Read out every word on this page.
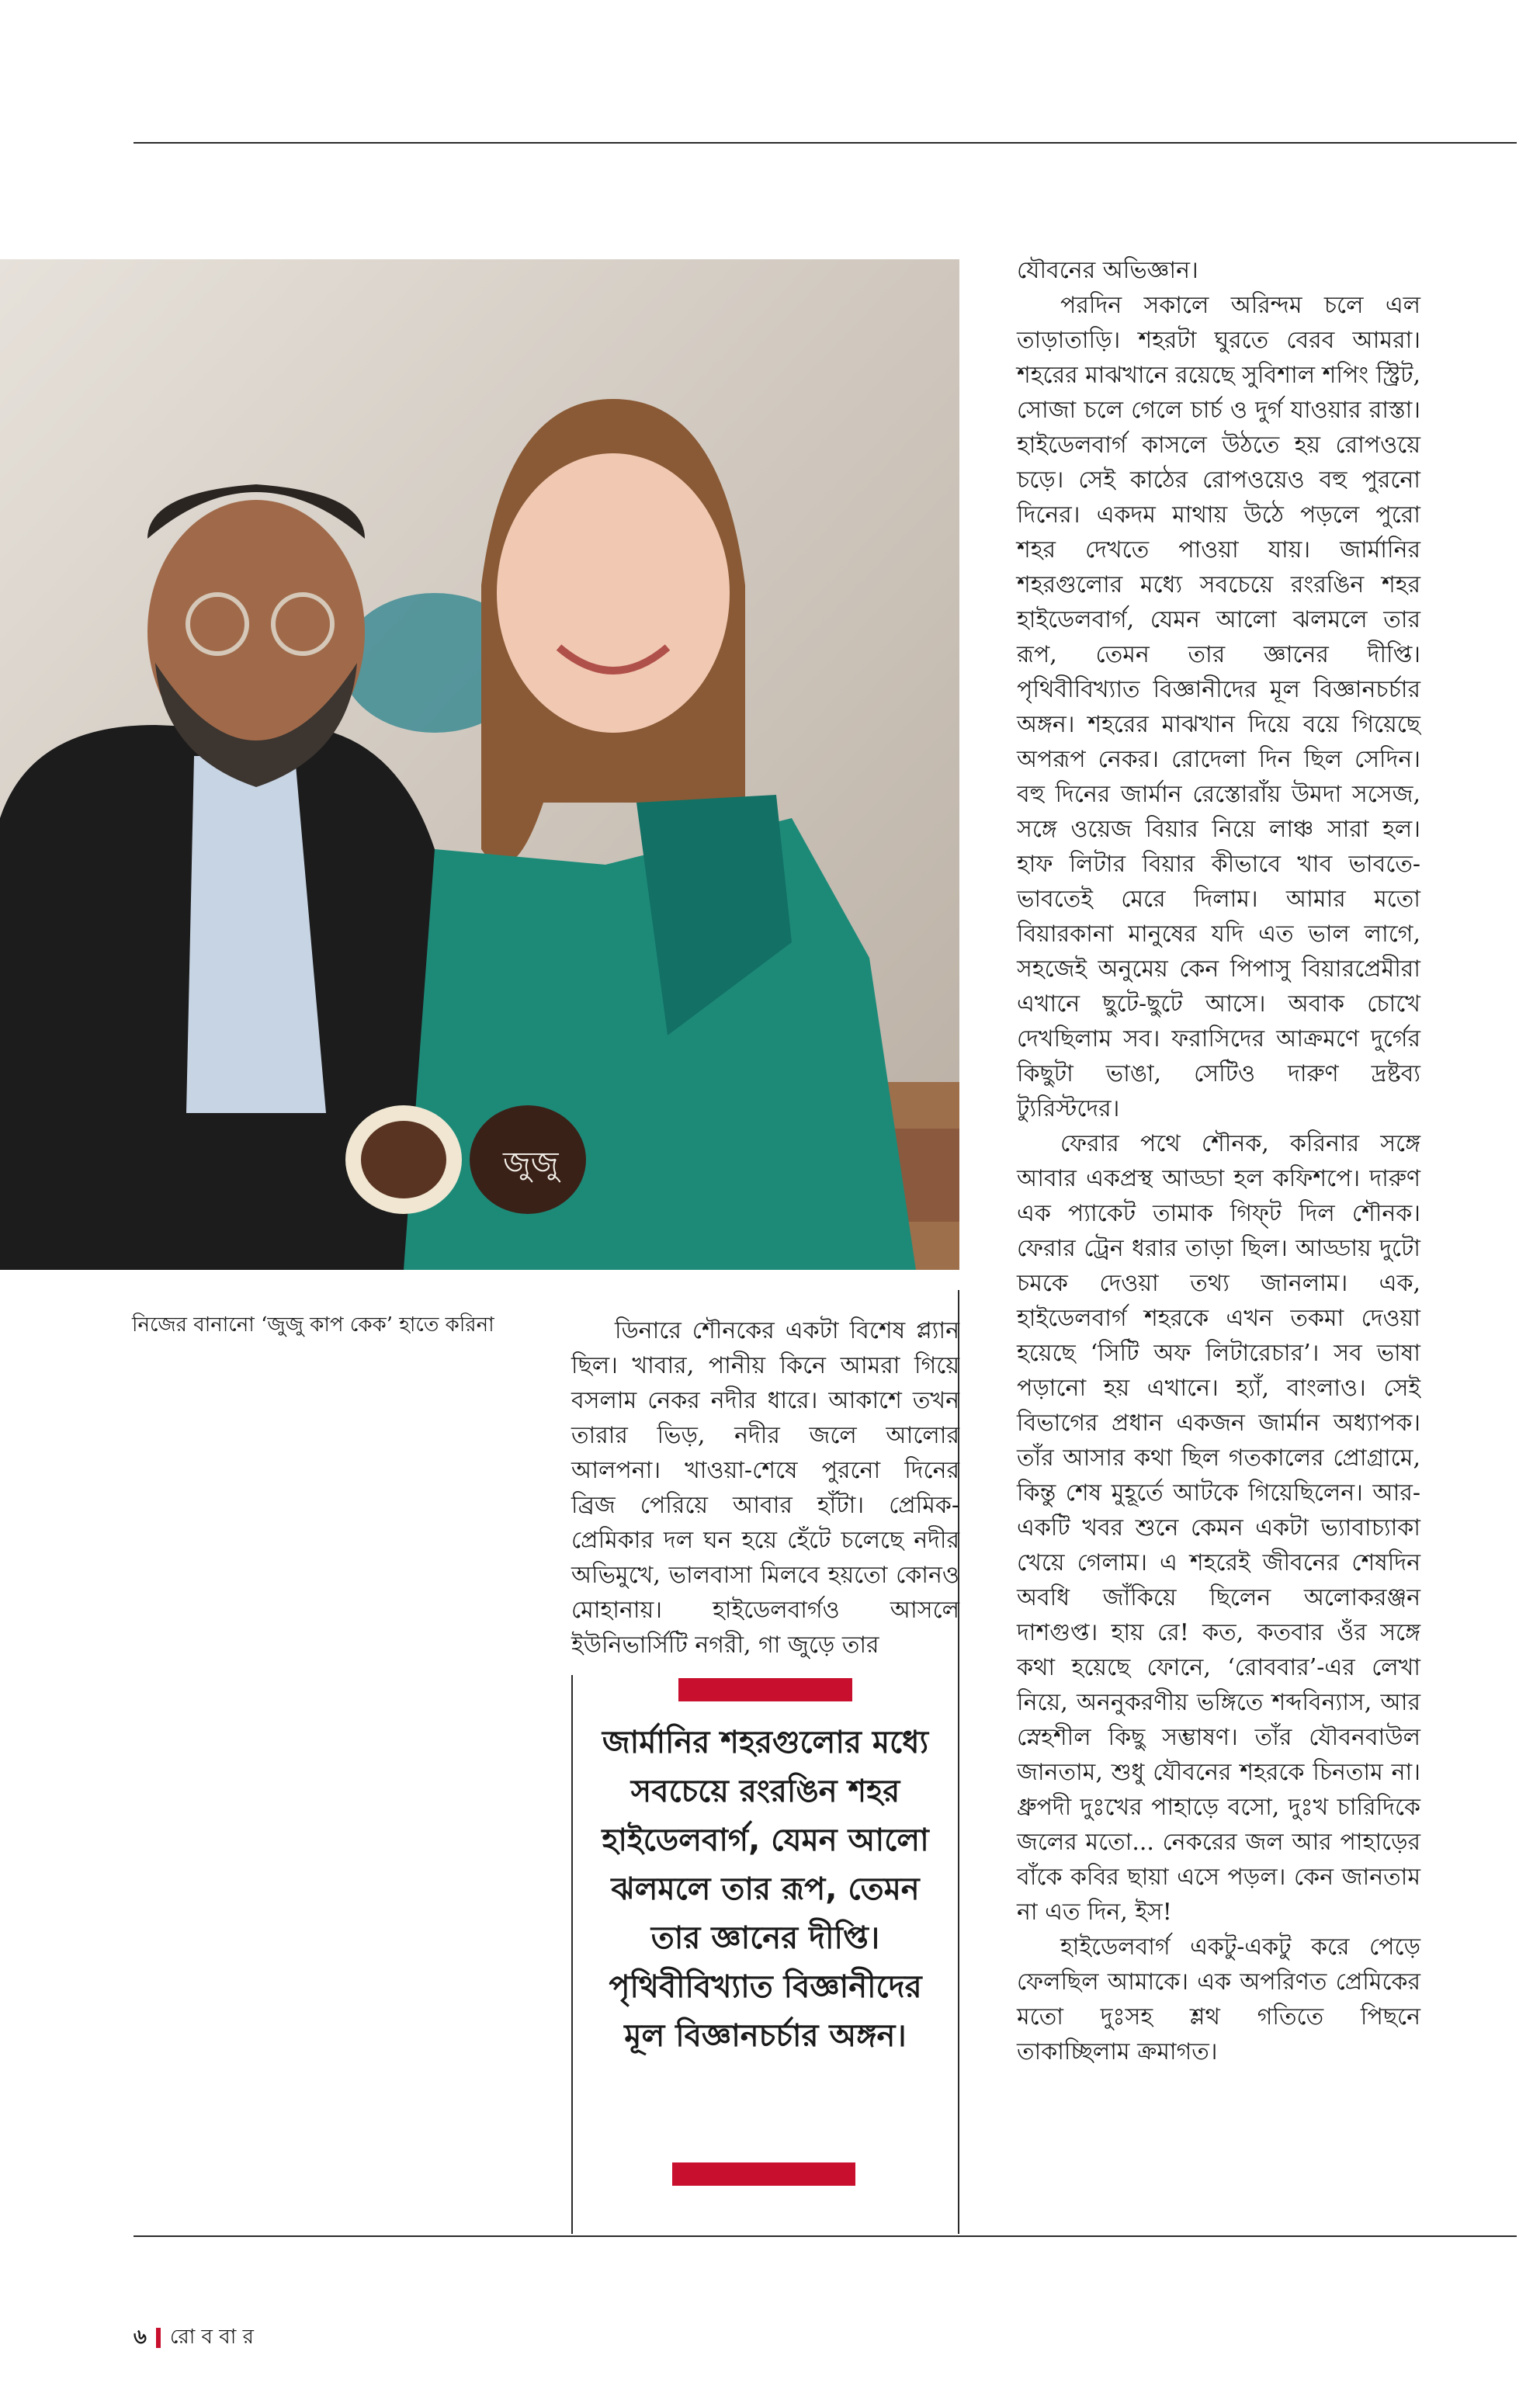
জুজু
নিজের বানানো ‘জুজু কাপ কেক’ হাতে করিনা	ডিনারে শৌনকের একটা বিশেষ প্ল্যান ছিল। খাবার, পানীয় কিনে আমরা গিয়ে বসলাম নেকর নদীর ধারে। আকাশে তখন তারার ভিড়, নদীর জলে আলোর আলপনা। খাওয়া-শেষে পুরনো দিনের ব্রিজ পেরিয়ে আবার হাঁটা। প্রেমিক-প্রেমিকার দল ঘন হয়ে হেঁটে চলেছে নদীর অভিমুখে, ভালবাসা মিলবে হয়তো কোনও মোহানায়। হাইডেলবার্গও আসলে ইউনিভার্সিটি নগরী, গা জুড়ে তার

জার্মানির শহরগুলোর মধ্যে সবচেয়ে রংরঙিন শহর হাইডেলবার্গ, যেমন আলো ঝলমলে তার রূপ, তেমন তার জ্ঞানের দীপ্তি। পৃথিবীবিখ্যাত বিজ্ঞানীদের মূল বিজ্ঞানচর্চার অঙ্গন।

যৌবনের অভিজ্ঞান।

পরদিন সকালে অরিন্দম চলে এল তাড়াতাড়ি। শহরটা ঘুরতে বেরব আমরা। শহরের মাঝখানে রয়েছে সুবিশাল শপিং স্ট্রিট, সোজা চলে গেলে চার্চ ও দুর্গ যাওয়ার রাস্তা। হাইডেলবার্গ কাসলে উঠতে হয় রোপওয়ে চড়ে। সেই কাঠের রোপওয়েও বহু পুরনো দিনের। একদম মাথায় উঠে পড়লে পুরো শহর দেখতে পাওয়া যায়। জার্মানির শহরগুলোর মধ্যে সবচেয়ে রংরঙিন শহর হাইডেলবার্গ, যেমন আলো ঝলমলে তার রূপ, তেমন তার জ্ঞানের দীপ্তি। পৃথিবীবিখ্যাত বিজ্ঞানীদের মূল বিজ্ঞানচর্চার অঙ্গন। শহরের মাঝখান দিয়ে বয়ে গিয়েছে অপরূপ নেকর। রোদেলা দিন ছিল সেদিন। বহু দিনের জার্মান রেস্তোরাঁয় উমদা সসেজ, সঙ্গে ওয়েজ বিয়ার নিয়ে লাঞ্চ সারা হল। হাফ লিটার বিয়ার কীভাবে খাব ভাবতে-ভাবতেই মেরে দিলাম। আমার মতো বিয়ারকানা মানুষের যদি এত ভাল লাগে, সহজেই অনুমেয় কেন পিপাসু বিয়ারপ্রেমীরা এখানে ছুটে-ছুটে আসে। অবাক চোখে দেখছিলাম সব। ফরাসিদের আক্রমণে দুর্গের কিছুটা ভাঙা, সেটিও দারুণ দ্রষ্টব্য ট্যুরিস্টদের।

ফেরার পথে শৌনক, করিনার সঙ্গে আবার একপ্রস্থ আড্ডা হল কফিশপে। দারুণ এক প্যাকেট তামাক গিফ্‌ট দিল শৌনক। ফেরার ট্রেন ধরার তাড়া ছিল। আড্ডায় দুটো চমকে দেওয়া তথ্য জানলাম। এক, হাইডেলবার্গ শহরকে এখন তকমা দেওয়া হয়েছে ‘সিটি অফ লিটারেচার’। সব ভাষা পড়ানো হয় এখানে। হ্যাঁ, বাংলাও। সেই বিভাগের প্রধান একজন জার্মান অধ্যাপক। তাঁর আসার কথা ছিল গতকালের প্রোগ্রামে, কিন্তু শেষ মুহূর্তে আটকে গিয়েছিলেন। আর-একটি খবর শুনে কেমন একটা ভ্যাবাচ্যাকা খেয়ে গেলাম। এ শহরেই জীবনের শেষদিন অবধি জাঁকিয়ে ছিলেন অলোকরঞ্জন দাশগুপ্ত। হায় রে! কত, কতবার ওঁর সঙ্গে কথা হয়েছে ফোনে, ‘রোববার’-এর লেখা নিয়ে, অননুকরণীয় ভঙ্গিতে শব্দবিন্যাস, আর স্নেহশীল কিছু সম্ভাষণ। তাঁর যৌবনবাউল জানতাম, শুধু যৌবনের শহরকে চিনতাম না। ধ্রুপদী দুঃখের পাহাড়ে বসো, দুঃখ চারিদিকে জলের মতো... নেকরের জল আর পাহাড়ের বাঁকে কবির ছায়া এসে পড়ল। কেন জানতাম না এত দিন, ইস!

হাইডেলবার্গ একটু-একটু করে পেড়ে ফেলছিল আমাকে। এক অপরিণত প্রেমিকের মতো দুঃসহ শ্লথ গতিতে পিছনে তাকাচ্ছিলাম ক্রমাগত।

৬ রো ব বা র
